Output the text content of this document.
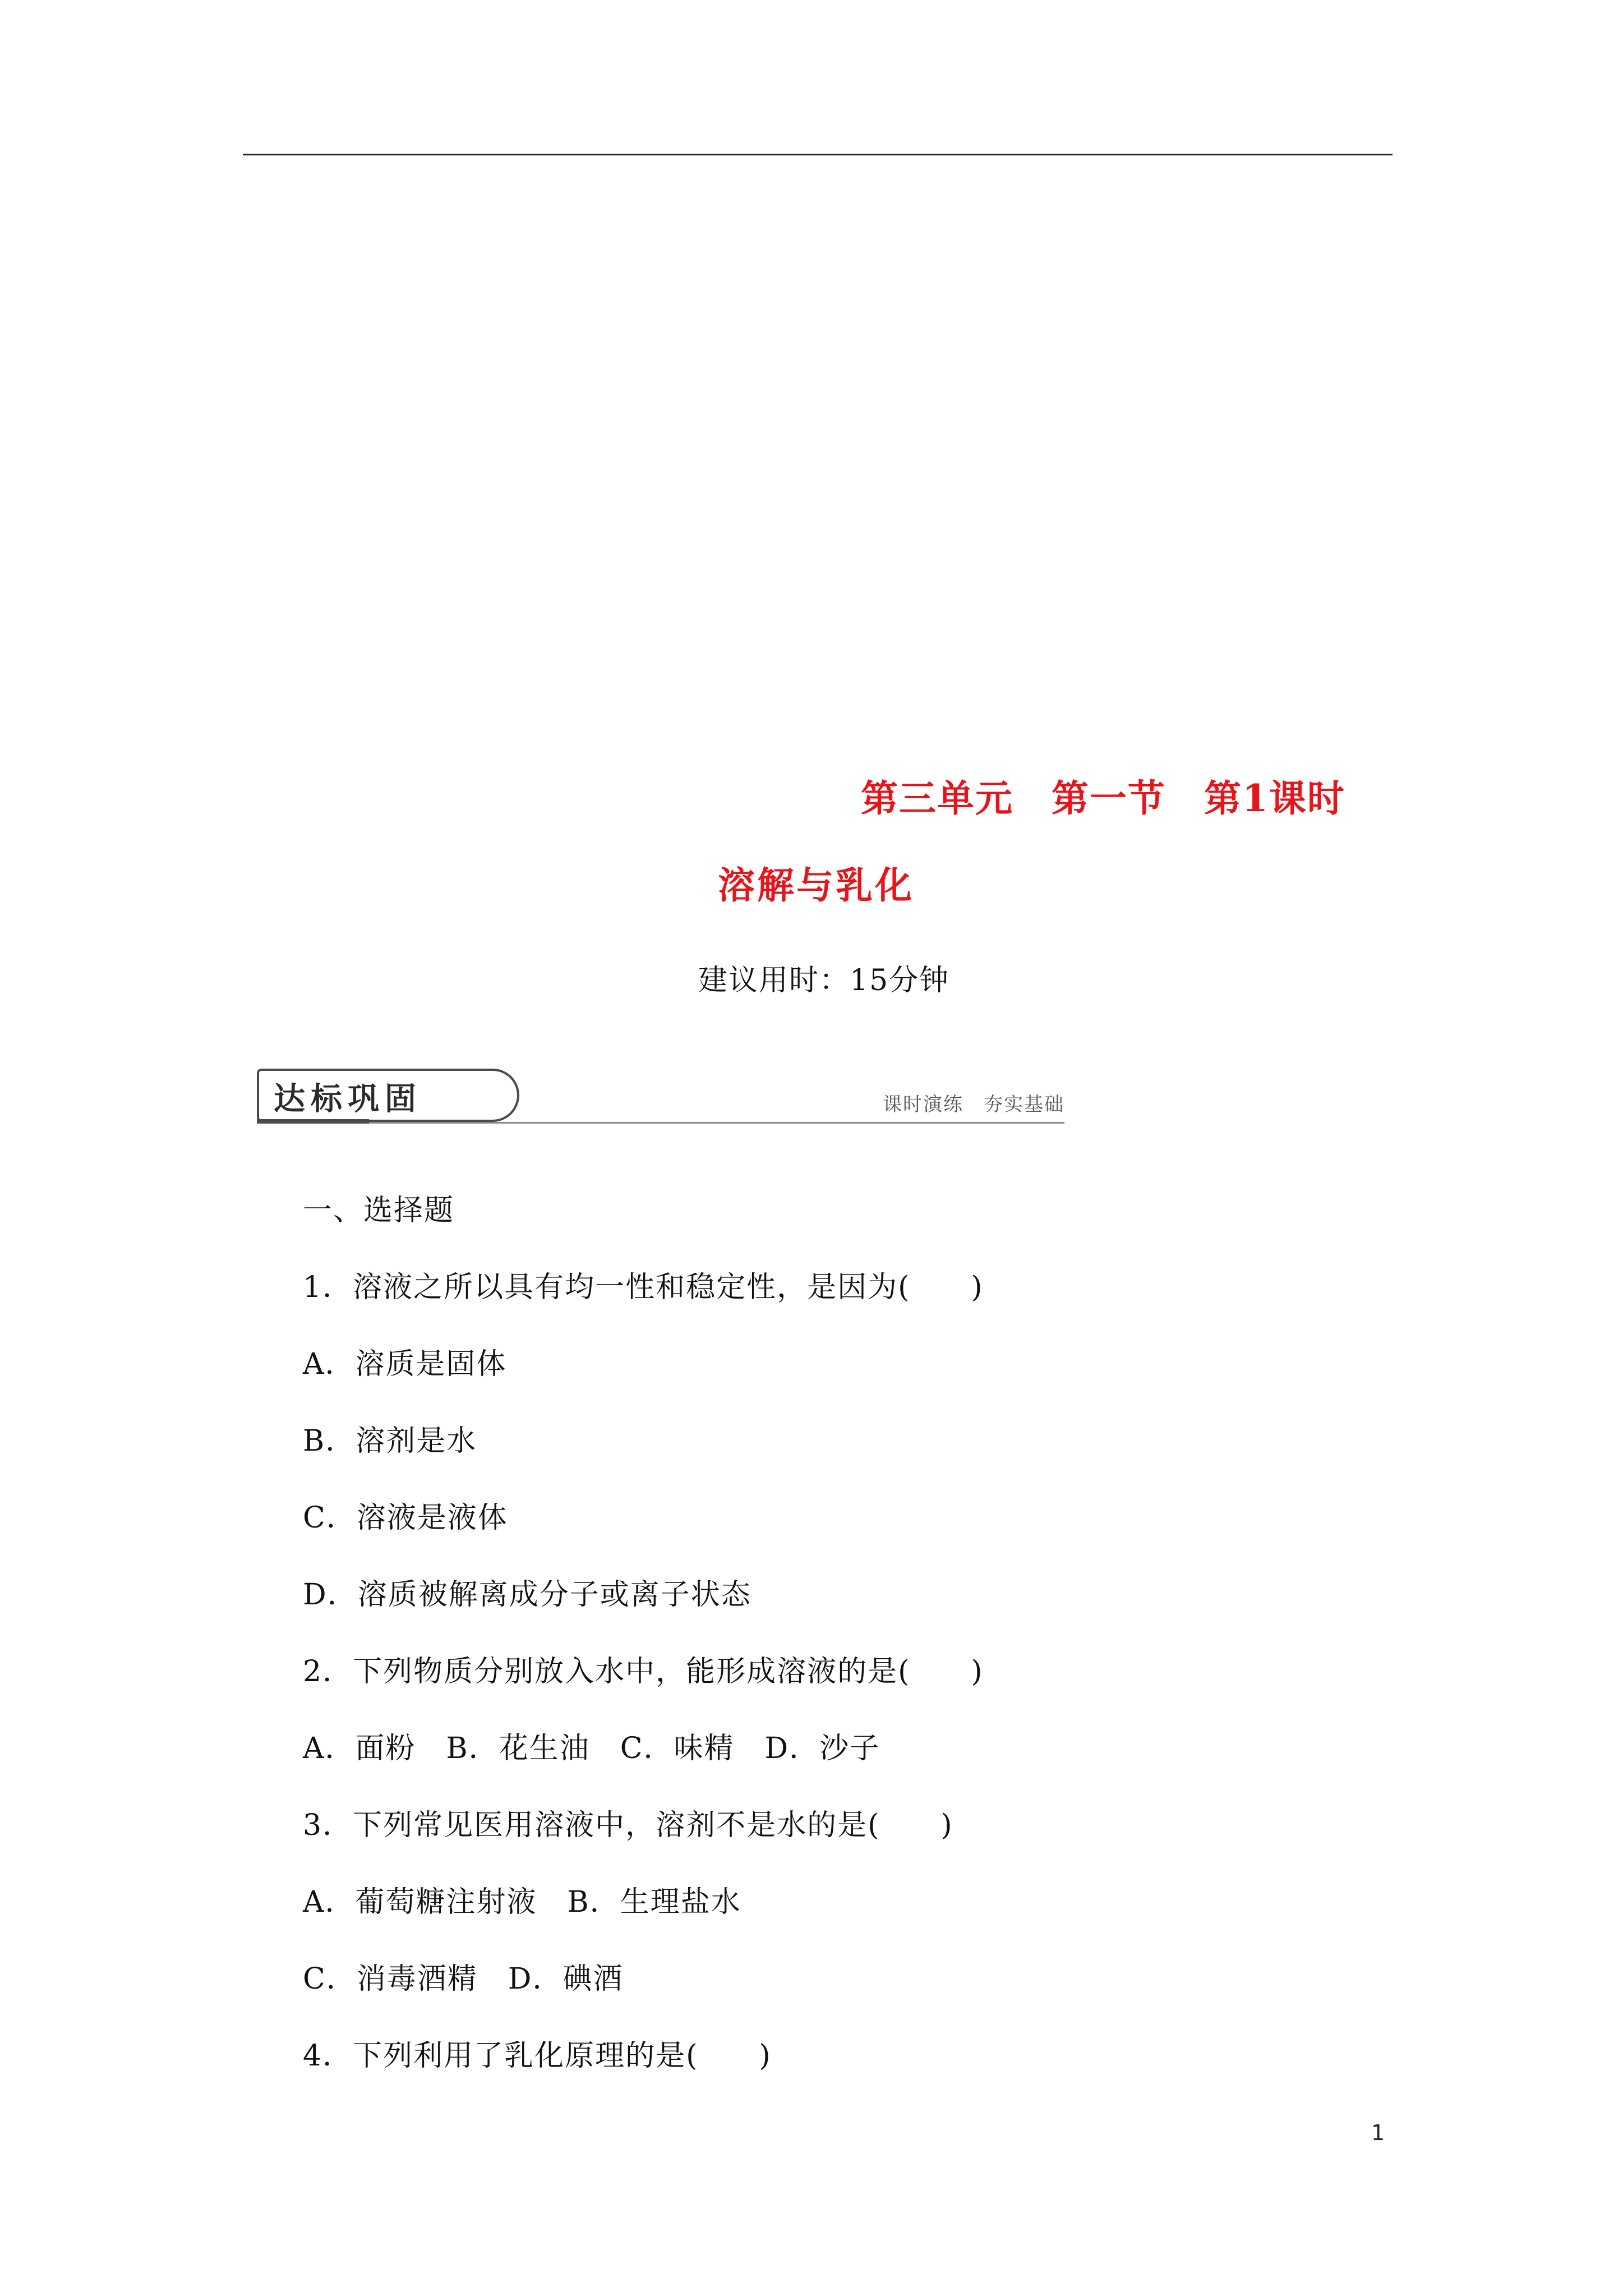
第三单元　第一节　第1课时
溶解与乳化
建议用时：15分钟
达标巩固	课时演练　夯实基础
一、选择题
1．溶液之所以具有均一性和稳定性，是因为(　　)
A．溶质是固体
B．溶剂是水
C．溶液是液体
D．溶质被解离成分子或离子状态
2．下列物质分别放入水中，能形成溶液的是(　　)
A．面粉　B．花生油　C．味精　D．沙子
3．下列常见医用溶液中，溶剂不是水的是(　　)
A．葡萄糖注射液　B．生理盐水
C．消毒酒精　D．碘酒
4．下列利用了乳化原理的是(　　)
1
